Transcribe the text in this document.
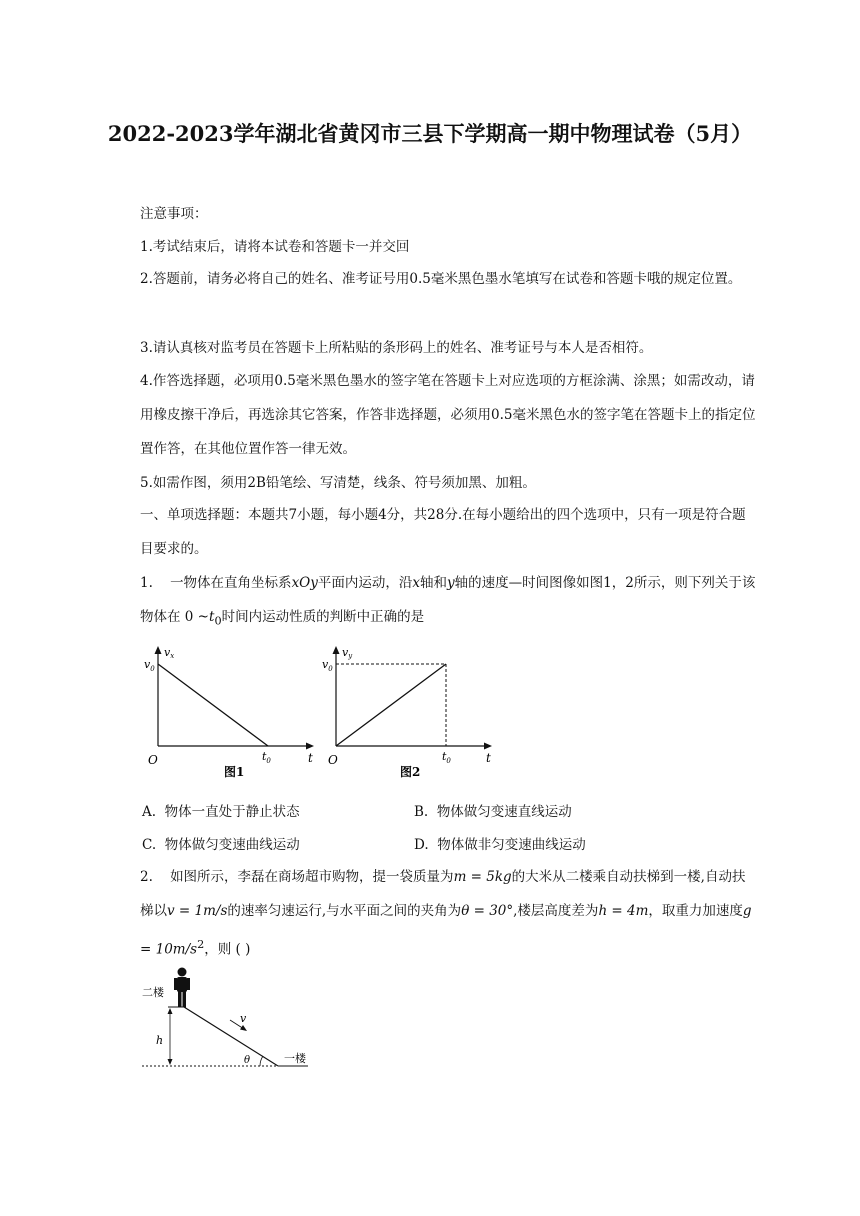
2022-2023学年湖北省黄冈市三县下学期高一期中物理试卷（5月）
注意事项：
1.考试结束后，请将本试卷和答题卡一并交回
2.答题前，请务必将自己的姓名、准考证号用0.5毫米黑色墨水笔填写在试卷和答题卡哦的规定位置。
3.请认真核对监考员在答题卡上所粘贴的条形码上的姓名、准考证号与本人是否相符。
4.作答选择题，必项用0.5毫米黑色墨水的签字笔在答题卡上对应选项的方框涂满、涂黑；如需改动，请用橡皮擦干净后，再选涂其它答案，作答非选择题，必须用0.5毫米黑色水的签字笔在答题卡上的指定位置作答，在其他位置作答一律无效。
5.如需作图，须用2B铅笔绘、写清楚，线条、符号须加黑、加粗。
一、单项选择题：本题共7小题，每小题4分，共28分.在每小题给出的四个选项中，只有一项是符合题目要求的。
1. 一物体在直角坐标系xOy平面内运动，沿x轴和y轴的速度—时间图像如图1，2所示，则下列关于该物体在 0 $\sim t_0$时间内运动性质的判断中正确的是
vx
$v_0$
O	$t_0$	t
图1
vy
$v_0$
O	$t_0$	t
图2
A. 物体一直处于静止状态	B. 物体做匀变速直线运动
C. 物体做匀变速曲线运动	D. 物体做非匀变速曲线运动
2. 如图所示，李磊在商场超市购物，提一袋质量为m = 5kg的大米从二楼乘自动扶梯到一楼,自动扶梯以v = 1m/s的速率匀速运行,与水平面之间的夹角为θ = 30°,楼层高度差为h = 4m，取重力加速度$g = 10m/s^2$，则 ( )
二楼
一楼
h
v
θ
